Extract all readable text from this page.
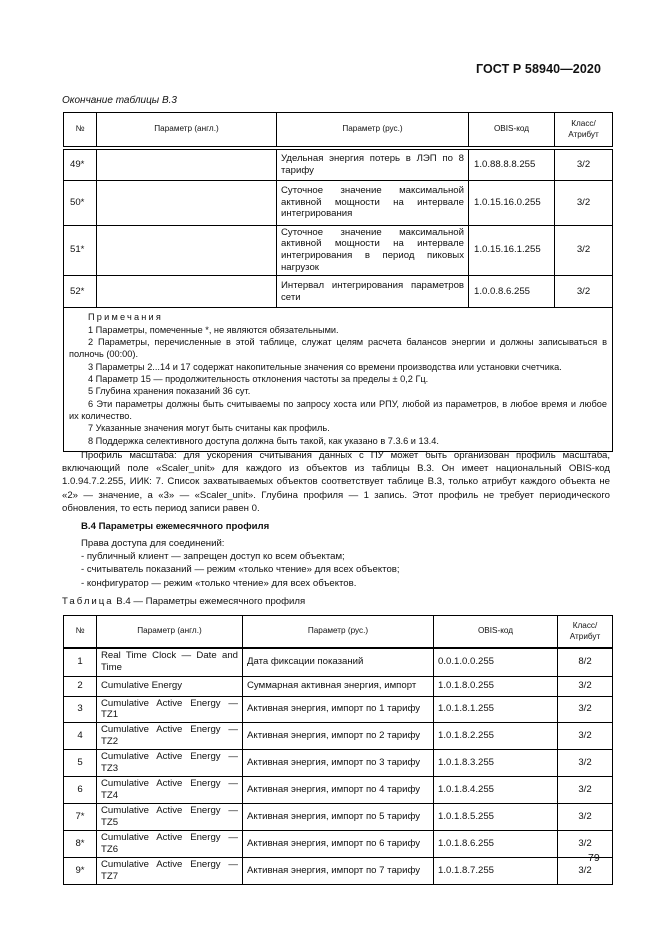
ГОСТ Р 58940—2020
Окончание таблицы В.3
№	Параметр (англ.)	Параметр (рус.)	OBIS-код	Класс/ Атрибут
49*		Удельная энергия потерь в ЛЭП по 8 тарифу	1.0.88.8.8.255	3/2
50*		Суточное значение максимальной активной мощности на интервале интегрирования	1.0.15.16.0.255	3/2
51*		Суточное значение максимальной активной мощности на интервале интегрирования в период пиковых нагрузок	1.0.15.16.1.255	3/2
52*		Интервал интегрирования параметров сети	1.0.0.8.6.255	3/2

Примечания
1 Параметры, помеченные *, не являются обязательными.
2 Параметры, перечисленные в этой таблице, служат целям расчета балансов энергии и должны записываться в полночь (00:00).
3 Параметры 2...14 и 17 содержат накопительные значения со времени производства или установки счетчика.
4 Параметр 15 — продолжительность отклонения частоты за пределы ± 0,2 Гц.
5 Глубина хранения показаний 36 сут.
6 Эти параметры должны быть считываемы по запросу хоста или РПУ, любой из параметров, в любое время и любое их количество.
7 Указанные значения могут быть считаны как профиль.
8 Поддержка селективного доступа должна быть такой, как указано в 7.3.6 и 13.4.
Профиль масштаба: для ускорения считывания данных с ПУ может быть организован профиль масштаба, включающий поле «Scaler_unit» для каждого из объектов из таблицы В.3. Он имеет национальный OBIS-код 1.0.94.7.2.255, ИИК: 7. Список захватываемых объектов соответствует таблице В.3, только атрибут каждого объекта не «2» — значение, а «3» — «Scaler_unit». Глубина профиля — 1 запись. Этот профиль не требует периодического обновления, то есть период записи равен 0.
В.4 Параметры ежемесячного профиля
Права доступа для соединений:
- публичный клиент — запрещен доступ ко всем объектам;
- считыватель показаний — режим «только чтение» для всех объектов;
- конфигуратор — режим «только чтение» для всех объектов.
Таблица В.4 — Параметры ежемесячного профиля
№	Параметр (англ.)	Параметр (рус.)	OBIS-код	Класс/ Атрибут
1	Real Time Clock — Date and Time	Дата фиксации показаний	0.0.1.0.0.255	8/2
2	Cumulative Energy	Суммарная активная энергия, импорт	1.0.1.8.0.255	3/2
3	Cumulative Active Energy — TZ1	Активная энергия, импорт по 1 тарифу	1.0.1.8.1.255	3/2
4	Cumulative Active Energy — TZ2	Активная энергия, импорт по 2 тарифу	1.0.1.8.2.255	3/2
5	Cumulative Active Energy — TZ3	Активная энергия, импорт по 3 тарифу	1.0.1.8.3.255	3/2
6	Cumulative Active Energy — TZ4	Активная энергия, импорт по 4 тарифу	1.0.1.8.4.255	3/2
7*	Cumulative Active Energy — TZ5	Активная энергия, импорт по 5 тарифу	1.0.1.8.5.255	3/2
8*	Cumulative Active Energy — TZ6	Активная энергия, импорт по 6 тарифу	1.0.1.8.6.255	3/2
9*	Cumulative Active Energy — TZ7	Активная энергия, импорт по 7 тарифу	1.0.1.8.7.255	3/2
79
